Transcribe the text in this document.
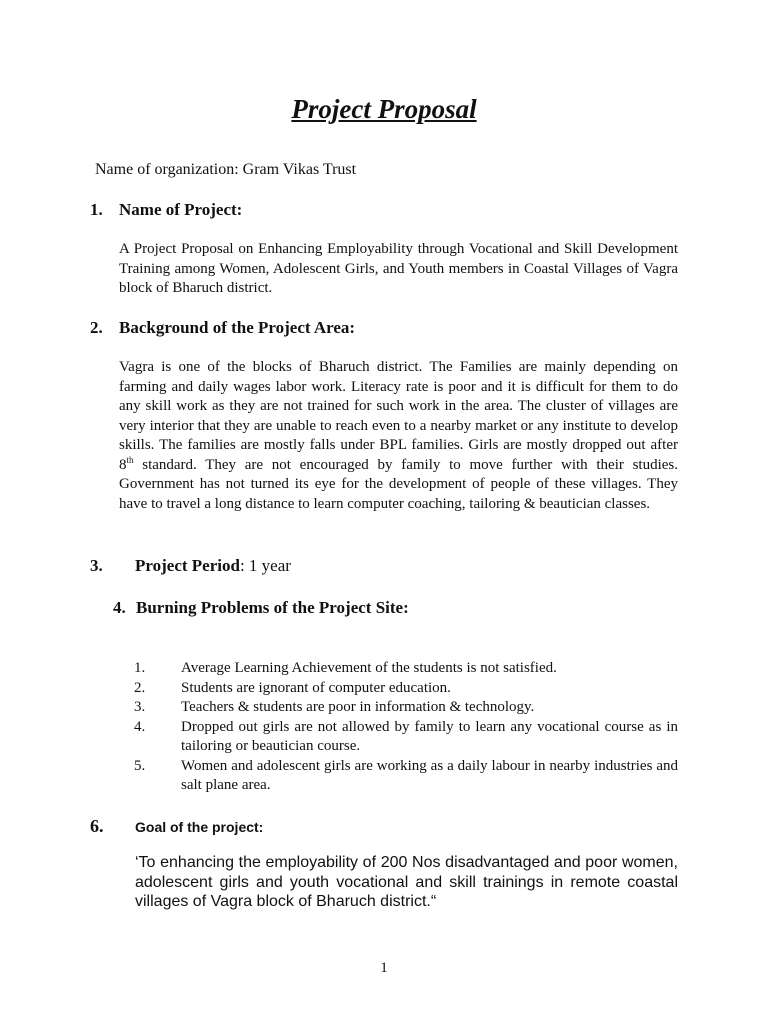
Project Proposal

Name of organization: Gram Vikas Trust

1. Name of Project:

A Project Proposal on Enhancing Employability through Vocational and Skill Development Training among Women, Adolescent Girls, and Youth members in Coastal Villages of Vagra block of Bharuch district.

2. Background of the Project Area:

Vagra is one of the blocks of Bharuch district. The Families are mainly depending on farming and daily wages labor work. Literacy rate is poor and it is difficult for them to do any skill work as they are not trained for such work in the area. The cluster of villages are very interior that they are unable to reach even to a nearby market or any institute to develop skills. The families are mostly falls under BPL families. Girls are mostly dropped out after 8th standard. They are not encouraged by family to move further with their studies. Government has not turned its eye for the development of people of these villages. They have to travel a long distance to learn computer coaching, tailoring & beautician classes.

3. Project Period: 1 year
4. Burning Problems of the Project Site:
1. Average Learning Achievement of the students is not satisfied.
2. Students are ignorant of computer education.
3. Teachers & students are poor in information & technology.
4. Dropped out girls are not allowed by family to learn any vocational course as in tailoring or beautician course.
5. Women and adolescent girls are working as a daily labour in nearby industries and salt plane area.
6. Goal of the project:

‘To enhancing the employability of 200 Nos disadvantaged and poor women, adolescent girls and youth vocational and skill trainings in remote coastal villages of Vagra block of Bharuch district.“

1
